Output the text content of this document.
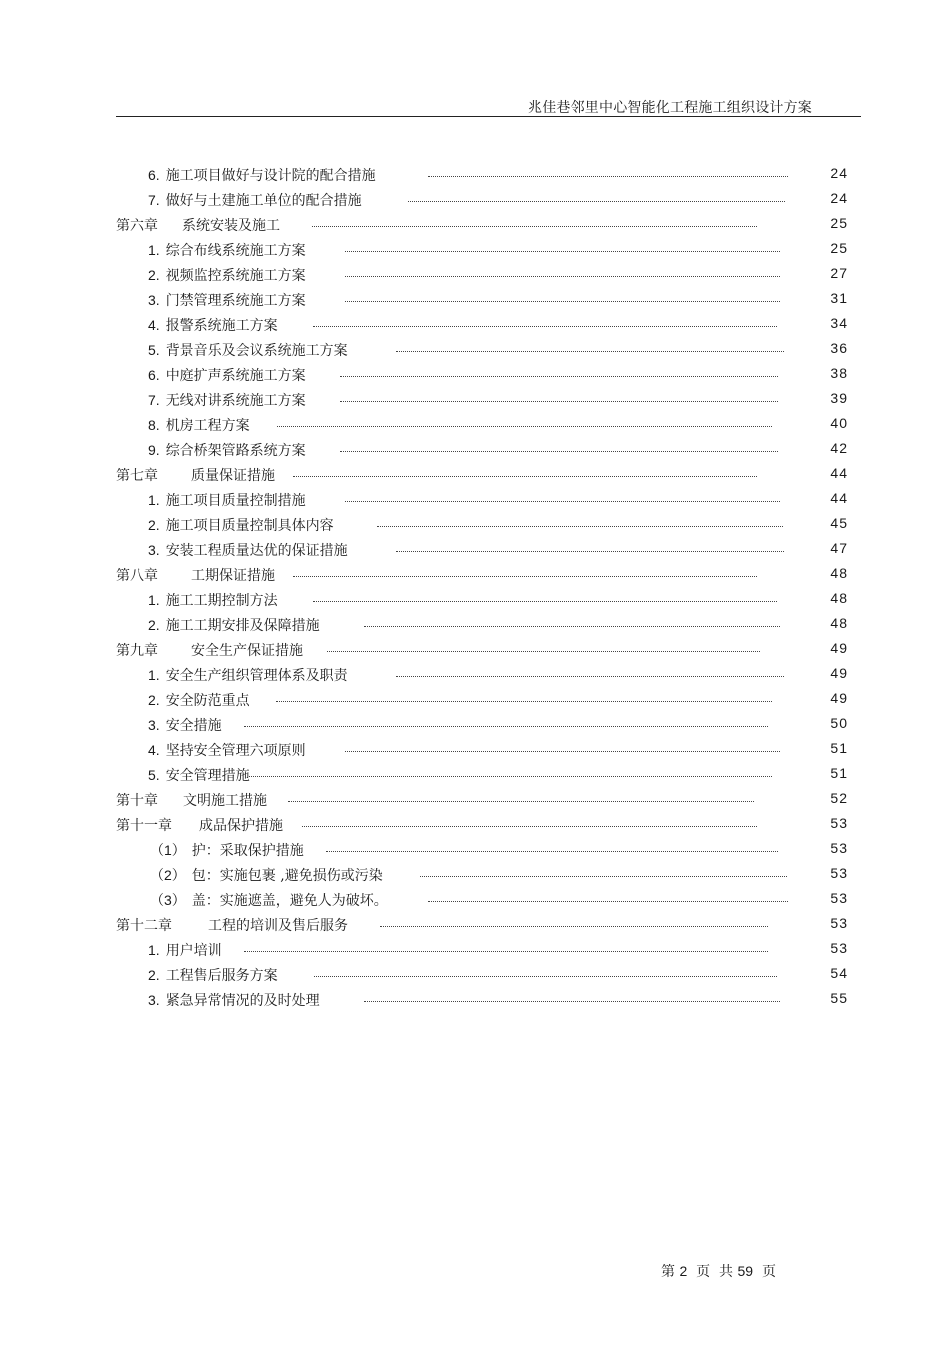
兆佳巷邻里中心智能化工程施工组织设计方案
6. 施工项目做好与设计院的配合措施	24
7. 做好与土建施工单位的配合措施	24
第六章 系统安装及施工	25
1. 综合布线系统施工方案	25
2. 视频监控系统施工方案	27
3. 门禁管理系统施工方案	31
4. 报警系统施工方案	34
5. 背景音乐及会议系统施工方案	36
6. 中庭扩声系统施工方案	38
7. 无线对讲系统施工方案	39
8. 机房工程方案	40
9. 综合桥架管路系统方案	42
第七章 质量保证措施	44
1. 施工项目质量控制措施	44
2. 施工项目质量控制具体内容	45
3. 安装工程质量达优的保证措施	47
第八章 工期保证措施	48
1. 施工工期控制方法	48
2. 施工工期安排及保障措施	48
第九章 安全生产保证措施	49
1. 安全生产组织管理体系及职责	49
2. 安全防范重点	49
3. 安全措施	50
4. 坚持安全管理六项原则	51
5. 安全管理措施	51
第十章 文明施工措施	52
第十一章 成品保护措施	53
（1） 护：采取保护措施	53
（2） 包：实施包裹 ,避免损伤或污染	53
（3） 盖：实施遮盖，避免人为破坏。	53
第十二章	工程的培训及售后服务	53
1. 用户培训	53
2. 工程售后服务方案	54
3. 紧急异常情况的及时处理	55
第 2 页  共 59 页
